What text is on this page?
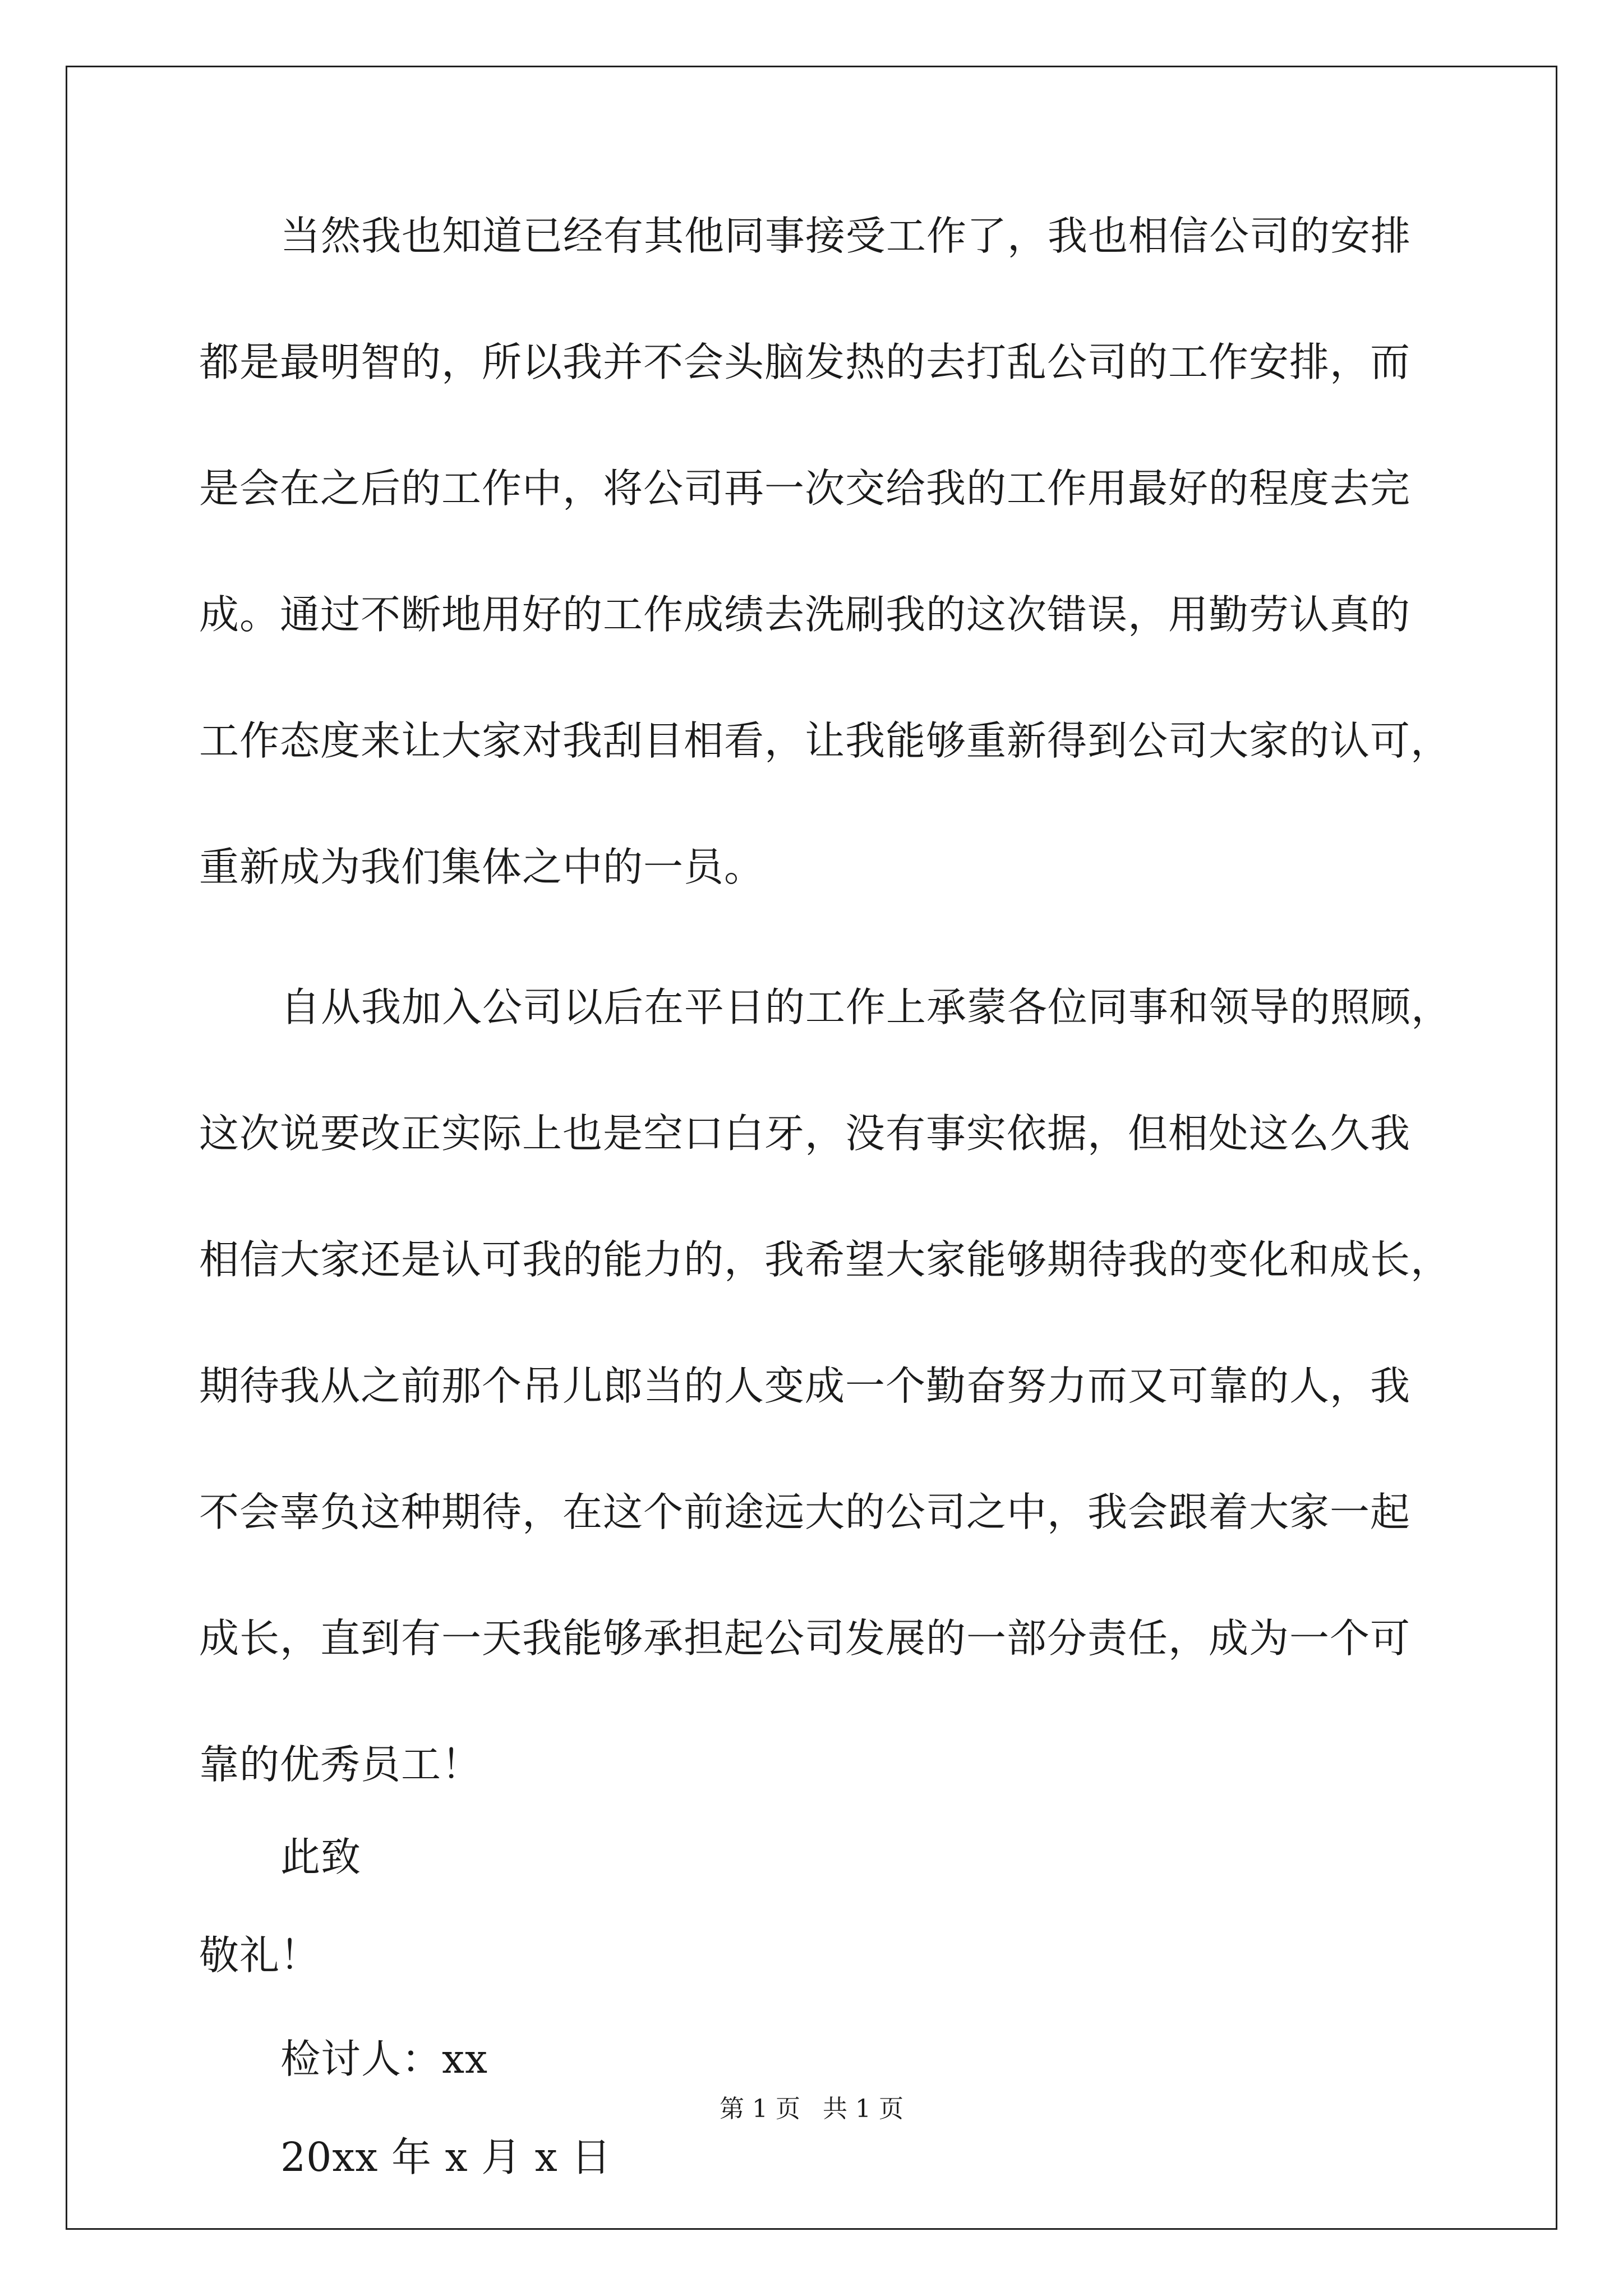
当然我也知道已经有其他同事接受工作了，我也相信公司的安排

都是最明智的，所以我并不会头脑发热的去打乱公司的工作安排，而

是会在之后的工作中，将公司再一次交给我的工作用最好的程度去完

成。通过不断地用好的工作成绩去洗刷我的这次错误，用勤劳认真的

工作态度来让大家对我刮目相看，让我能够重新得到公司大家的认可，

重新成为我们集体之中的一员。

自从我加入公司以后在平日的工作上承蒙各位同事和领导的照顾，

这次说要改正实际上也是空口白牙，没有事实依据，但相处这么久我

相信大家还是认可我的能力的，我希望大家能够期待我的变化和成长，

期待我从之前那个吊儿郎当的人变成一个勤奋努力而又可靠的人，我

不会辜负这种期待，在这个前途远大的公司之中，我会跟着大家一起

成长，直到有一天我能够承担起公司发展的一部分责任，成为一个可

靠的优秀员工！

此致

敬礼！

检讨人：xx

20xx 年 x 月 x 日

第 1 页 共 1 页
